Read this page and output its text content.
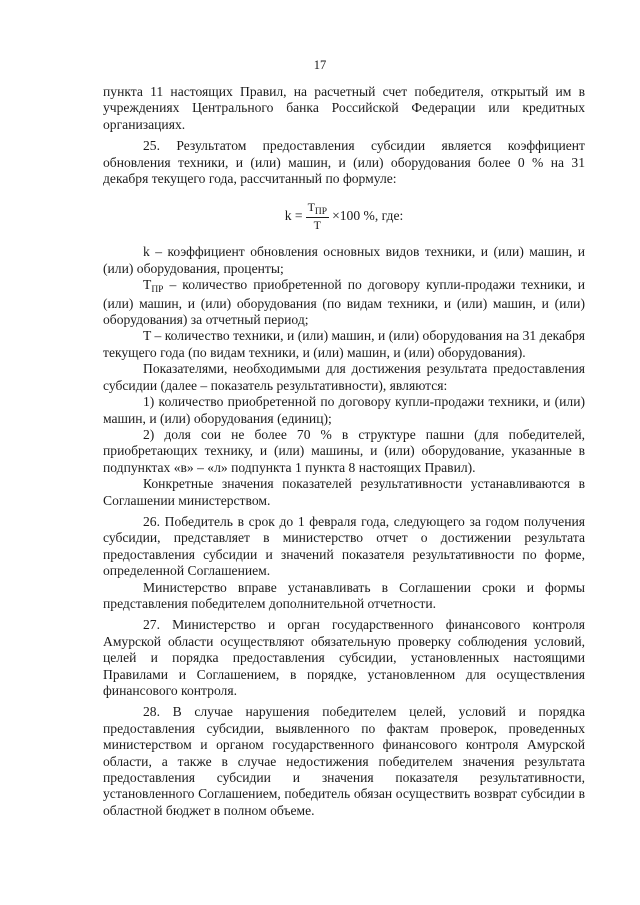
17

пункта 11 настоящих Правил, на расчетный счет победителя, открытый им в учреждениях Центрального банка Российской Федерации или кредитных организациях.

25. Результатом предоставления субсидии является коэффициент обновления техники, и (или) машин, и (или) оборудования более 0 % на 31 декабря текущего года, рассчитанный по формуле:

$k = \frac{T_{ПР}}{T} \times 100$ %, где:

k – коэффициент обновления основных видов техники, и (или) машин, и (или) оборудования, проценты;

$T_{ПР}$ – количество приобретенной по договору купли-продажи техники, и (или) машин, и (или) оборудования (по видам техники, и (или) машин, и (или) оборудования) за отчетный период;

T – количество техники, и (или) машин, и (или) оборудования на 31 декабря текущего года (по видам техники, и (или) машин, и (или) оборудования).

Показателями, необходимыми для достижения результата предоставления субсидии (далее – показатель результативности), являются:

1) количество приобретенной по договору купли-продажи техники, и (или) машин, и (или) оборудования (единиц);

2) доля сои не более 70 % в структуре пашни (для победителей, приобретающих технику, и (или) машины, и (или) оборудование, указанные в подпунктах «в» – «л» подпункта 1 пункта 8 настоящих Правил).

Конкретные значения показателей результативности устанавливаются в Соглашении министерством.

26. Победитель в срок до 1 февраля года, следующего за годом получения субсидии, представляет в министерство отчет о достижении результата предоставления субсидии и значений показателя результативности по форме, определенной Соглашением.

Министерство вправе устанавливать в Соглашении сроки и формы представления победителем дополнительной отчетности.

27. Министерство и орган государственного финансового контроля Амурской области осуществляют обязательную проверку соблюдения условий, целей и порядка предоставления субсидии, установленных настоящими Правилами и Соглашением, в порядке, установленном для осуществления финансового контроля.

28. В случае нарушения победителем целей, условий и порядка предоставления субсидии, выявленного по фактам проверок, проведенных министерством и органом государственного финансового контроля Амурской области, а также в случае недостижения победителем значения результата предоставления субсидии и значения показателя результативности, установленного Соглашением, победитель обязан осуществить возврат субсидии в областной бюджет в полном объеме.
